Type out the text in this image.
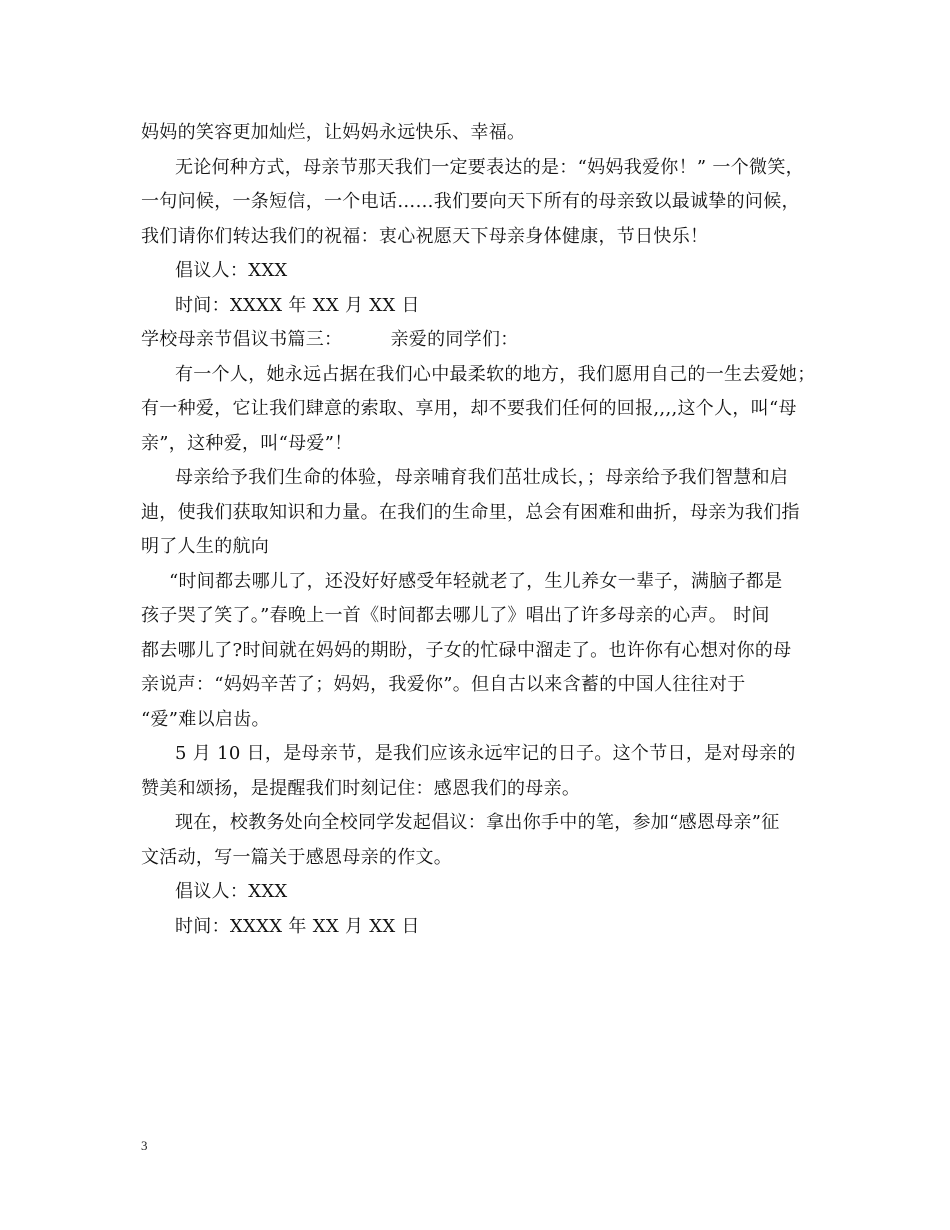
妈妈的笑容更加灿烂，让妈妈永远快乐、幸福。
无论何种方式，母亲节那天我们一定要表达的是：“妈妈我爱你！” 一个微笑，
一句问候，一条短信，一个电话……我们要向天下所有的母亲致以最诚挚的问候，
我们请你们转达我们的祝福：衷心祝愿天下母亲身体健康，节日快乐！
倡议人：XXX
时间：XXXX 年 XX 月 XX 日
学校母亲节倡议书篇三：        亲爱的同学们：
有一个人，她永远占据在我们心中最柔软的地方，我们愿用自己的一生去爱她；
有一种爱，它让我们肆意的索取、享用，却不要我们任何的回报,,,,这个人，叫“母
亲”，这种爱，叫“母爱”！
母亲给予我们生命的体验，母亲哺育我们茁壮成长，；母亲给予我们智慧和启
迪，使我们获取知识和力量。在我们的生命里，总会有困难和曲折，母亲为我们指
明了人生的航向
“时间都去哪儿了，还没好好感受年轻就老了，生儿养女一辈子，满脑子都是
孩子哭了笑了。”春晚上一首《时间都去哪儿了》唱出了许多母亲的心声。 时间
都去哪儿了?时间就在妈妈的期盼，子女的忙碌中溜走了。也许你有心想对你的母
亲说声：“妈妈辛苦了；妈妈，我爱你”。但自古以来含蓄的中国人往往对于
“爱”难以启齿。
5 月 10 日，是母亲节，是我们应该永远牢记的日子。这个节日，是对母亲的
赞美和颂扬，是提醒我们时刻记住：感恩我们的母亲。
现在，校教务处向全校同学发起倡议：拿出你手中的笔，参加“感恩母亲”征
文活动，写一篇关于感恩母亲的作文。
倡议人：XXX
时间：XXXX 年 XX 月 XX 日
3
